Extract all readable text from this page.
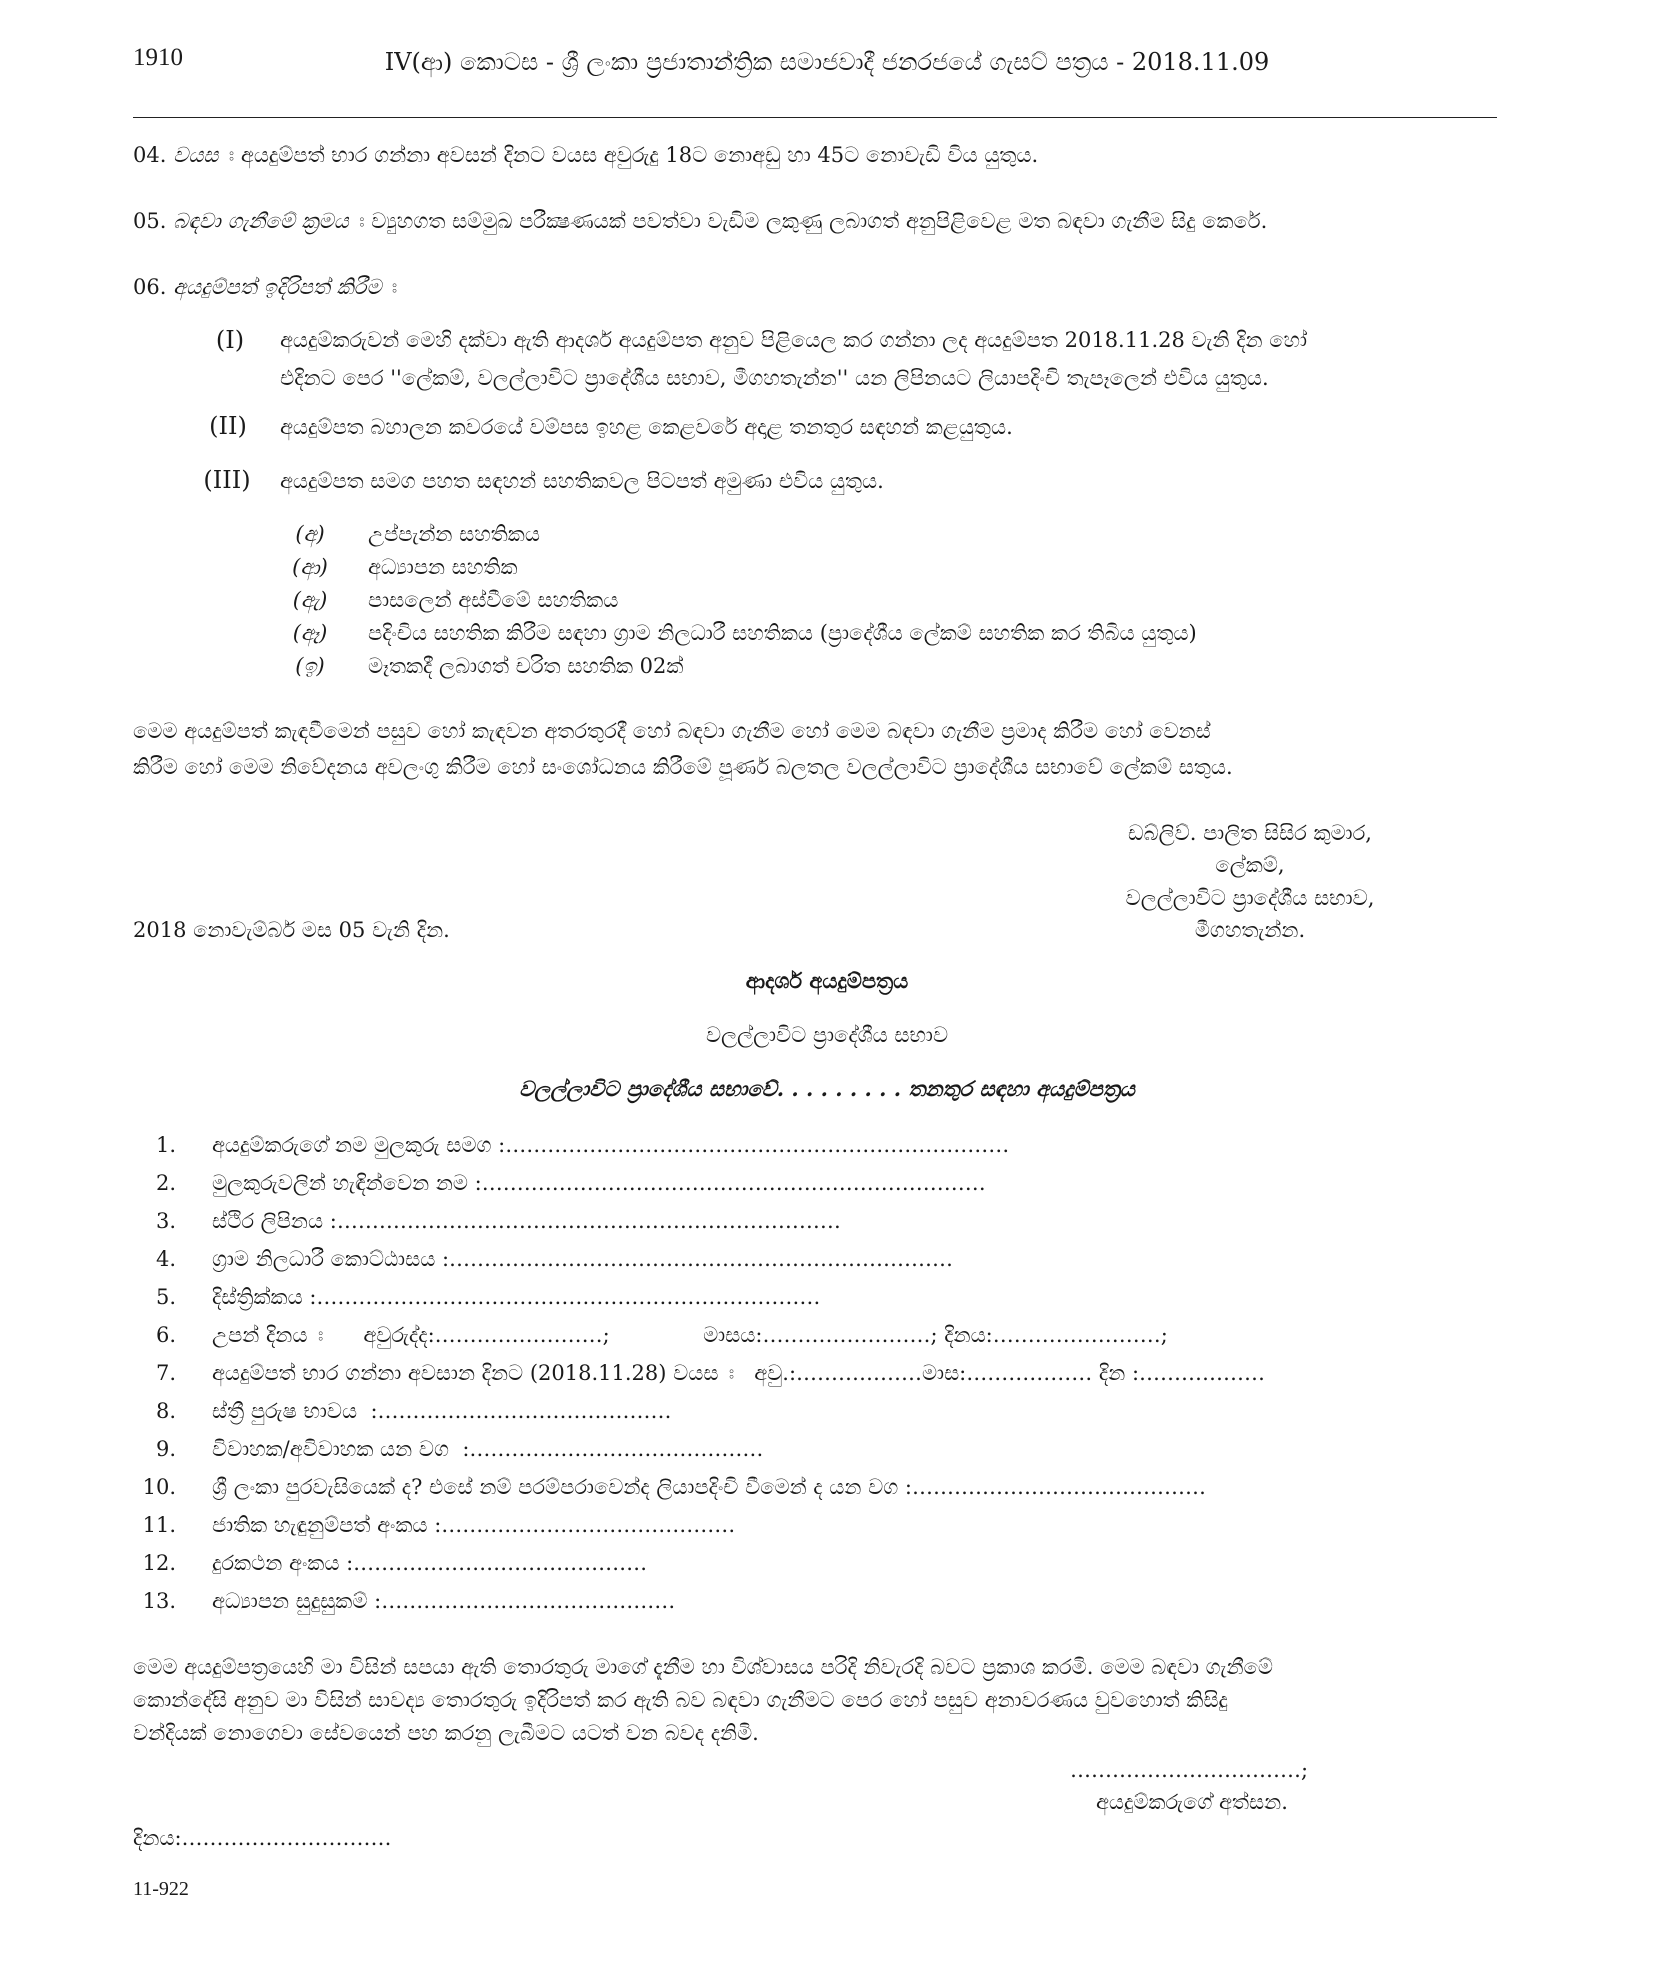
1910	IV(ආ) කොටස - ශ්‍රී ලංකා ප්‍රජාතාන්ත්‍රික සමාජවාදී ජනරජයේ ගැසට් පත්‍රය - 2018.11.09
04. වයස ඃ අයදුම්පත් භාර ගන්නා අවසන් දිනට වයස අවුරුදු 18ට නොඅඩු හා 45ට නොවැඩි විය යුතුය.
05. බඳවා ගැනීමේ ක්‍රමය ඃ ව්‍යුහගත සම්මුඛ පරීක්‍ෂණයක් පවත්වා වැඩිම ලකුණු ලබාගත් අනුපිළිවෙළ මත බඳවා ගැනීම සිදු කෙරේ.
06. අයදුම්පත් ඉදිරිපත් කිරීම ඃ
(I)	අයදුම්කරුවන් මෙහි දක්වා ඇති ආදර්ශ අයදුම්පත අනුව පිළියෙල කර ගන්නා ලද අයදුම්පත 2018.11.28 වැනි දින හෝ
එදිනට පෙර ''ලේකම්, වලල්ලාවිට ප්‍රාදේශීය සභාව, මීගහතැන්න'' යන ලිපිනයට ලියාපදිංචි තැපෑලෙන් එවිය යුතුය.
(II)	අයදුම්පත බහාලන කවරයේ වම්පස ඉහළ කෙළවරේ අදාළ තනතුර සඳහන් කළයුතුය.
(III)	අයදුම්පත සමග පහත සඳහන් සහතිකවල පිටපත් අමුණා එවිය යුතුය.
(අ)	උප්පැන්න සහතිකය
(ආ)	අධ්‍යාපන සහතික
(ඇ)	පාසලෙන් අස්වීමේ සහතිකය
(ඈ)	පදිංචිය සහතික කිරීම සඳහා ග්‍රාම නිලධාරී සහතිකය (ප්‍රාදේශීය ලේකම් සහතික කර තිබිය යුතුය)
(ඉ)	මෑතකදී ලබාගත් චරිත සහතික 02ක්
මෙම අයදුම්පත් කැඳවීමෙන් පසුව හෝ කැඳවන අතරතුරදී හෝ බඳවා ගැනීම හෝ මෙම බඳවා ගැනීම ප්‍රමාද කිරීම හෝ වෙනස්
කිරීම හෝ මෙම නිවේදනය අවලංගු කිරීම හෝ සංශෝධනය කිරීමේ පූර්ණ බලතල වලල්ලාවිට ප්‍රාදේශීය සභාවේ ලේකම් සතුය.
ඩබ්ලිව්. පාලිත සිසිර කුමාර,
ලේකම්,
වලල්ලාවිට ප්‍රාදේශීය සභාව,
මීගහතැන්න.
2018 නොවැම්බර් මස 05 වැනි දින.
ආදර්ශ අයදුම්පත්‍රය
වලල්ලාවිට ප්‍රාදේශීය සභාව
වලල්ලාවිට ප්‍රාදේශීය සභාවේ. . . . . . . . . තනතුර සඳහා අයදුම්පත්‍රය
1. අයදුම්කරුගේ නම මුලකුරු සමග :………………………………………………………………
2. මුලකුරුවලින් හැඳින්වෙන නම :………………………………………………………………
3. ස්ථිර ලිපිනය :………………………………………………………………
4. ග්‍රාම නිලධාරී කොට්ඨාසය :………………………………………………………………
5. දිස්ත්‍රික්කය :………………………………………………………………
6. උපන් දිනය ඃ      අවුරුද්ද:……………………;              මාසය:……………………; දිනය:……………………;
7. අයදුම්පත් භාර ගන්නා අවසාන දිනට (2018.11.28) වයස ඃ   අවු.:………………මාස:……………… දින :………………
8. ස්ත්‍රී පුරුෂ භාවය  :……………………………………
9. විවාහක/අවිවාහක යන වග  :……………………………………
10. ශ්‍රී ලංකා පුරවැසියෙක් ද? එසේ නම් පරම්පරාවෙන්ද ලියාපදිංචි වීමෙන් ද යන වග :……………………………………
11. ජාතික හැඳුනුම්පත් අංකය :……………………………………
12. දුරකථන අංකය :……………………………………
13. අධ්‍යාපන සුදුසුකම් :……………………………………
මෙම අයදුම්පත්‍රයෙහි මා විසින් සපයා ඇති තොරතුරු මාගේ දැනීම හා විශ්වාසය පරිදි නිවැරදි බවට ප්‍රකාශ කරමි. මෙම බඳවා ගැනීමේ
කොන්දේසි අනුව මා විසින් සාවද්‍ය තොරතුරු ඉදිරිපත් කර ඇති බව බඳවා ගැනීමට පෙර හෝ පසුව අනාවරණය වුවහොත් කිසිදු
වන්දියක් නොගෙවා සේවයෙන් පහ කරනු ලැබීමට යටත් වන බවද දනිමි.
……………………………;
අයදුම්කරුගේ අත්සන.
දිනය:…………………………
11-922
